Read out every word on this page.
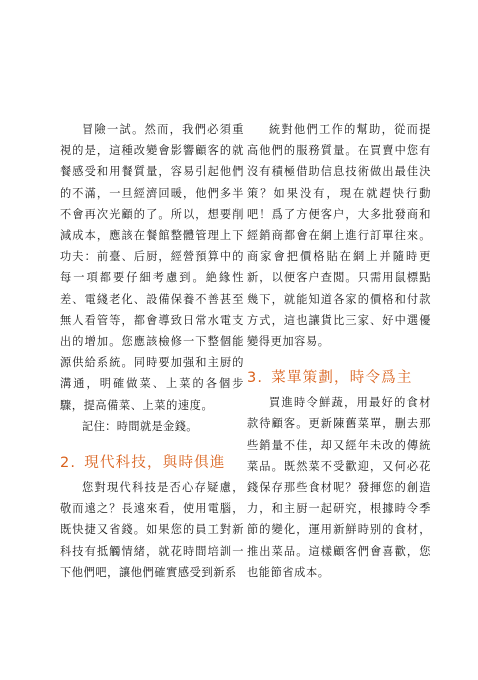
冒險一試。然而，我們必須重視的是，這種改變會影響顧客的就餐感受和用餐質量，容易引起他們的不滿，一旦經濟回暖，他們多半不會再次光顧的了。所以，想要削減成本，應該在餐館整體管理上下功夫：前臺、后厨，經營預算中的每一項都要仔細考慮到。絶緣性差、電綫老化、設備保養不善甚至無人看管等，都會導致日常水電支出的增加。您應該檢修一下整個能源供給系統。同時要加强和主厨的溝通，明確做菜、上菜的各個步驟，提高備菜、上菜的速度。

記住：時間就是金錢。

2. 現代科技，與時俱進

您對現代科技是否心存疑慮，敬而遠之？長遠來看，使用電腦，既快捷又省錢。如果您的員工對新科技有抵觸情緒，就花時間培訓一下他們吧，讓他們確實感受到新系

統對他們工作的幫助，從而提高他們的服務質量。在買賣中您有沒有積極借助信息技術做出最佳決策？如果没有，現在就趕快行動吧！爲了方便客户，大多批發商和經銷商都會在網上進行訂單往來。商家會把價格貼在網上并隨時更新，以便客户查閲。只需用鼠標點幾下，就能知道各家的價格和付款方式，這也讓貨比三家、好中選優變得更加容易。

3. 菜單策劃，時令爲主

買進時令鮮蔬，用最好的食材款待顧客。更新陳舊菜單，删去那些銷量不佳，却又經年未改的傳統菜品。既然菜不受歡迎，又何必花錢保存那些食材呢？發揮您的創造力，和主厨一起研究，根據時令季節的變化，運用新鮮時别的食材，推出菜品。這樣顧客們會喜歡，您也能節省成本。
